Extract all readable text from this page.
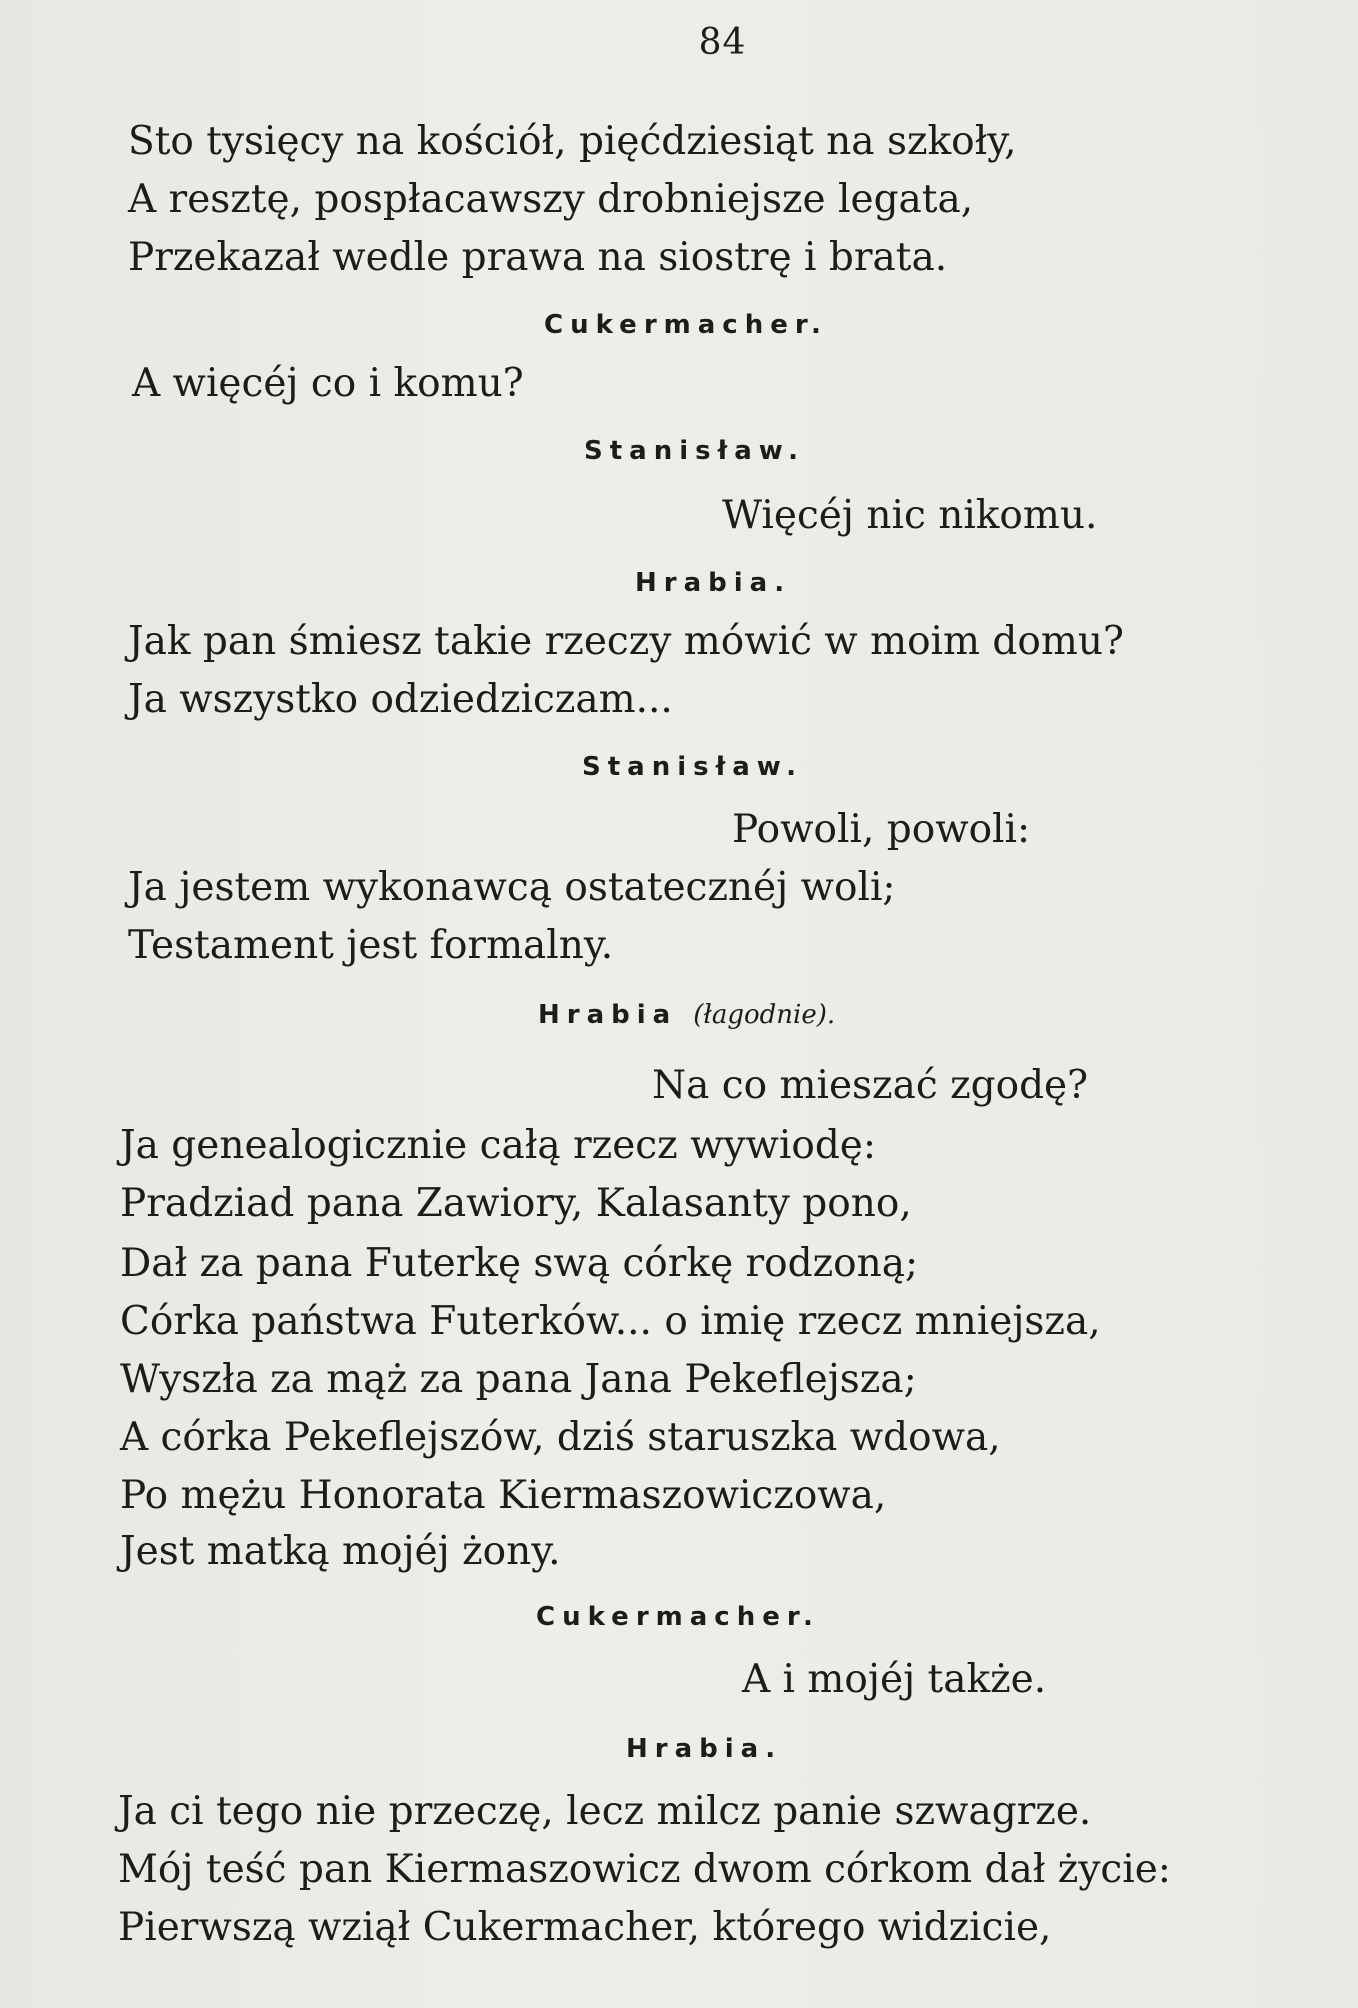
84
Sto tysięcy na kościół, pięćdziesiąt na szkoły,
A resztę, pospłacawszy drobniejsze legata,
Przekazał wedle prawa na siostrę i brata.
Cukermacher.
A więcéj co i komu?
Stanisław.
Więcéj nic nikomu.
Hrabia.
Jak pan śmiesz takie rzeczy mówić w moim domu?
Ja wszystko odziedziczam...
Stanisław.
Powoli, powoli:
Ja jestem wykonawcą ostatecznéj woli;
Testament jest formalny.
Hrabia (łagodnie).
Na co mieszać zgodę?
Ja genealogicznie całą rzecz wywiodę:
Pradziad pana Zawiory, Kalasanty pono,
Dał za pana Futerkę swą córkę rodzoną;
Córka państwa Futerków... o imię rzecz mniejsza,
Wyszła za mąż za pana Jana Pekeflejsza;
A córka Pekeflejszów, dziś staruszka wdowa,
Po mężu Honorata Kiermaszowiczowa,
Jest matką mojéj żony.
Cukermacher.
A i mojéj także.
Hrabia.
Ja ci tego nie przeczę, lecz milcz panie szwagrze.
Mój teść pan Kiermaszowicz dwom córkom dał życie:
Pierwszą wziął Cukermacher, którego widzicie,
